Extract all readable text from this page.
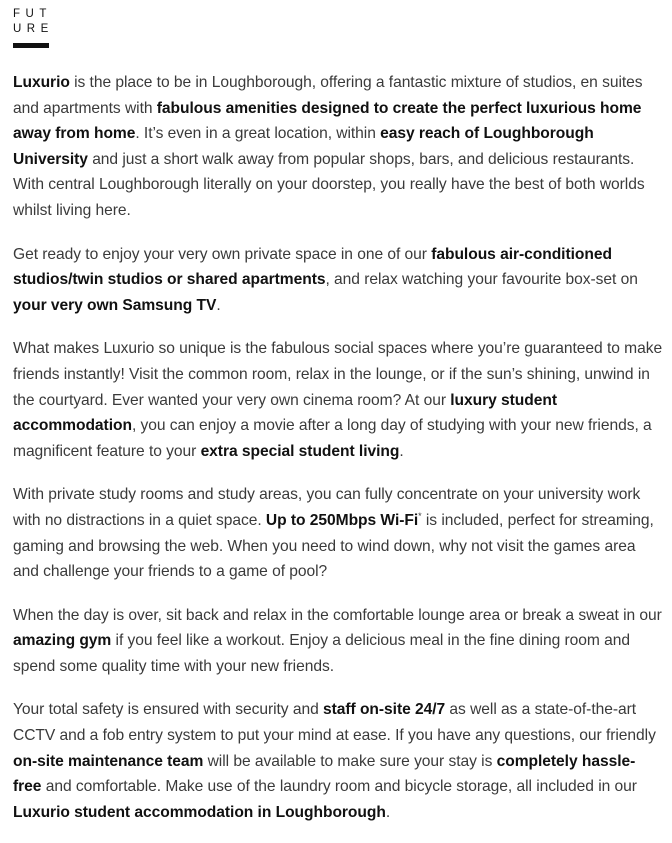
FUT
URE

Luxurio is the place to be in Loughborough, offering a fantastic mixture of studios, en suites and apartments with fabulous amenities designed to create the perfect luxurious home away from home. It’s even in a great location, within easy reach of Loughborough University and just a short walk away from popular shops, bars, and delicious restaurants. With central Loughborough literally on your doorstep, you really have the best of both worlds whilst living here.

Get ready to enjoy your very own private space in one of our fabulous air-conditioned studios/twin studios or shared apartments, and relax watching your favourite box-set on your very own Samsung TV.

What makes Luxurio so unique is the fabulous social spaces where you’re guaranteed to make friends instantly! Visit the common room, relax in the lounge, or if the sun’s shining, unwind in the courtyard. Ever wanted your very own cinema room? At our luxury student accommodation, you can enjoy a movie after a long day of studying with your new friends, a magnificent feature to your extra special student living.

With private study rooms and study areas, you can fully concentrate on your university work with no distractions in a quiet space. Up to 250Mbps Wi-Fi* is included, perfect for streaming, gaming and browsing the web. When you need to wind down, why not visit the games area and challenge your friends to a game of pool?

When the day is over, sit back and relax in the comfortable lounge area or break a sweat in our amazing gym if you feel like a workout. Enjoy a delicious meal in the fine dining room and spend some quality time with your new friends.

Your total safety is ensured with security and staff on-site 24/7 as well as a state-of-the-art CCTV and a fob entry system to put your mind at ease. If you have any questions, our friendly on-site maintenance team will be available to make sure your stay is completely hassle-free and comfortable. Make use of the laundry room and bicycle storage, all included in our Luxurio student accommodation in Loughborough.
